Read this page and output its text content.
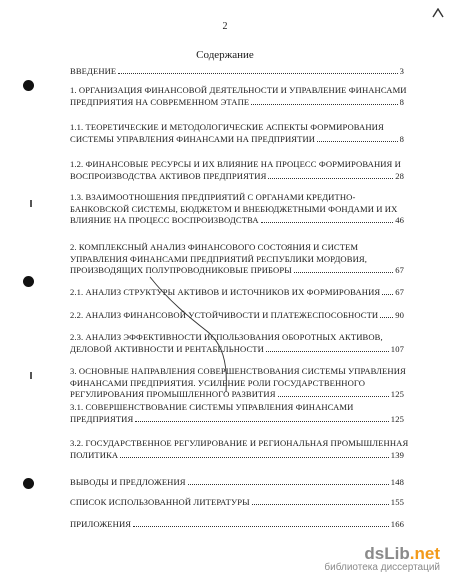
2
Содержание
ВВЕДЕНИЕ	3
1. ОРГАНИЗАЦИЯ ФИНАНСОВОЙ ДЕЯТЕЛЬНОСТИ И УПРАВЛЕНИЕ ФИНАНСАМИ
ПРЕДПРИЯТИЯ НА СОВРЕМЕННОМ ЭТАПЕ	8
1.1. ТЕОРЕТИЧЕСКИЕ И МЕТОДОЛОГИЧЕСКИЕ АСПЕКТЫ ФОРМИРОВАНИЯ
СИСТЕМЫ УПРАВЛЕНИЯ ФИНАНСАМИ НА ПРЕДПРИЯТИИ	8
1.2. ФИНАНСОВЫЕ РЕСУРСЫ И ИХ ВЛИЯНИЕ НА ПРОЦЕСС ФОРМИРОВАНИЯ И
ВОСПРОИЗВОДСТВА АКТИВОВ ПРЕДПРИЯТИЯ	28
1.3. ВЗАИМООТНОШЕНИЯ ПРЕДПРИЯТИЙ С ОРГАНАМИ КРЕДИТНО-
БАНКОВСКОЙ СИСТЕМЫ, БЮДЖЕТОМ И ВНЕБЮДЖЕТНЫМИ ФОНДАМИ И ИХ
ВЛИЯНИЕ НА ПРОЦЕСС ВОСПРОИЗВОДСТВА	46
2. КОМПЛЕКСНЫЙ АНАЛИЗ ФИНАНСОВОГО СОСТОЯНИЯ И СИСТЕМ
УПРАВЛЕНИЯ ФИНАНСАМИ ПРЕДПРИЯТИЙ РЕСПУБЛИКИ МОРДОВИЯ,
ПРОИЗВОДЯЩИХ ПОЛУПРОВОДНИКОВЫЕ ПРИБОРЫ	67
2.1. АНАЛИЗ СТРУКТУРЫ АКТИВОВ И ИСТОЧНИКОВ ИХ ФОРМИРОВАНИЯ 67
2.2. АНАЛИЗ ФИНАНСОВОЙ УСТОЙЧИВОСТИ И ПЛАТЕЖЕСПОСОБНОСТИ 90
2.3. АНАЛИЗ ЭФФЕКТИВНОСТИ ИСПОЛЬЗОВАНИЯ ОБОРОТНЫХ АКТИВОВ,
ДЕЛОВОЙ АКТИВНОСТИ И РЕНТАБЕЛЬНОСТИ	107
3. ОСНОВНЫЕ НАПРАВЛЕНИЯ СОВЕРШЕНСТВОВАНИЯ СИСТЕМЫ УПРАВЛЕНИЯ
ФИНАНСАМИ ПРЕДПРИЯТИЯ. УСИЛЕНИЕ РОЛИ ГОСУДАРСТВЕННОГО
РЕГУЛИРОВАНИЯ ПРОМЫШЛЕННОГО РАЗВИТИЯ	125
3.1. СОВЕРШЕНСТВОВАНИЕ СИСТЕМЫ УПРАВЛЕНИЯ ФИНАНСАМИ
ПРЕДПРИЯТИЯ	125
3.2. ГОСУДАРСТВЕННОЕ РЕГУЛИРОВАНИЕ И РЕГИОНАЛЬНАЯ ПРОМЫШЛЕННАЯ
ПОЛИТИКА	139
ВЫВОДЫ И ПРЕДЛОЖЕНИЯ	148
СПИСОК ИСПОЛЬЗОВАННОЙ ЛИТЕРАТУРЫ	155
ПРИЛОЖЕНИЯ	166
dsLib.net
библиотека диссертаций
